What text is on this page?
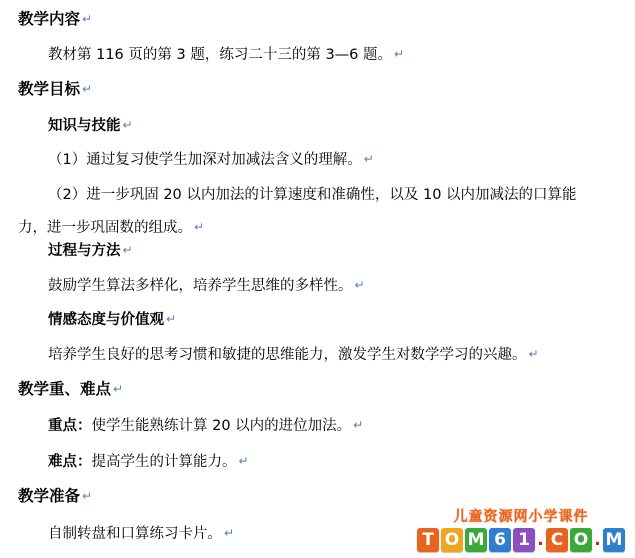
教学内容 ↵
教材第 116 页的第 3 题，练习二十三的第 3—6 题。 ↵
教学目标 ↵
知识与技能 ↵
（1）通过复习使学生加深对加减法含义的理解。 ↵
（2）进一步巩固 20 以内加法的计算速度和准确性，以及 10 以内加减法的口算能
力，进一步巩固数的组成。 ↵
过程与方法 ↵
鼓励学生算法多样化，培养学生思维的多样性。 ↵
情感态度与价值观 ↵
培养学生良好的思考习惯和敏捷的思维能力，激发学生对数学学习的兴趣。 ↵
教学重、难点 ↵
重点：使学生能熟练计算 20 以内的进位加法。 ↵
难点：提高学生的计算能力。 ↵
教学准备 ↵
自制转盘和口算练习卡片。 ↵
儿童资源网小学课件
T O M 6 1 . C O . M
